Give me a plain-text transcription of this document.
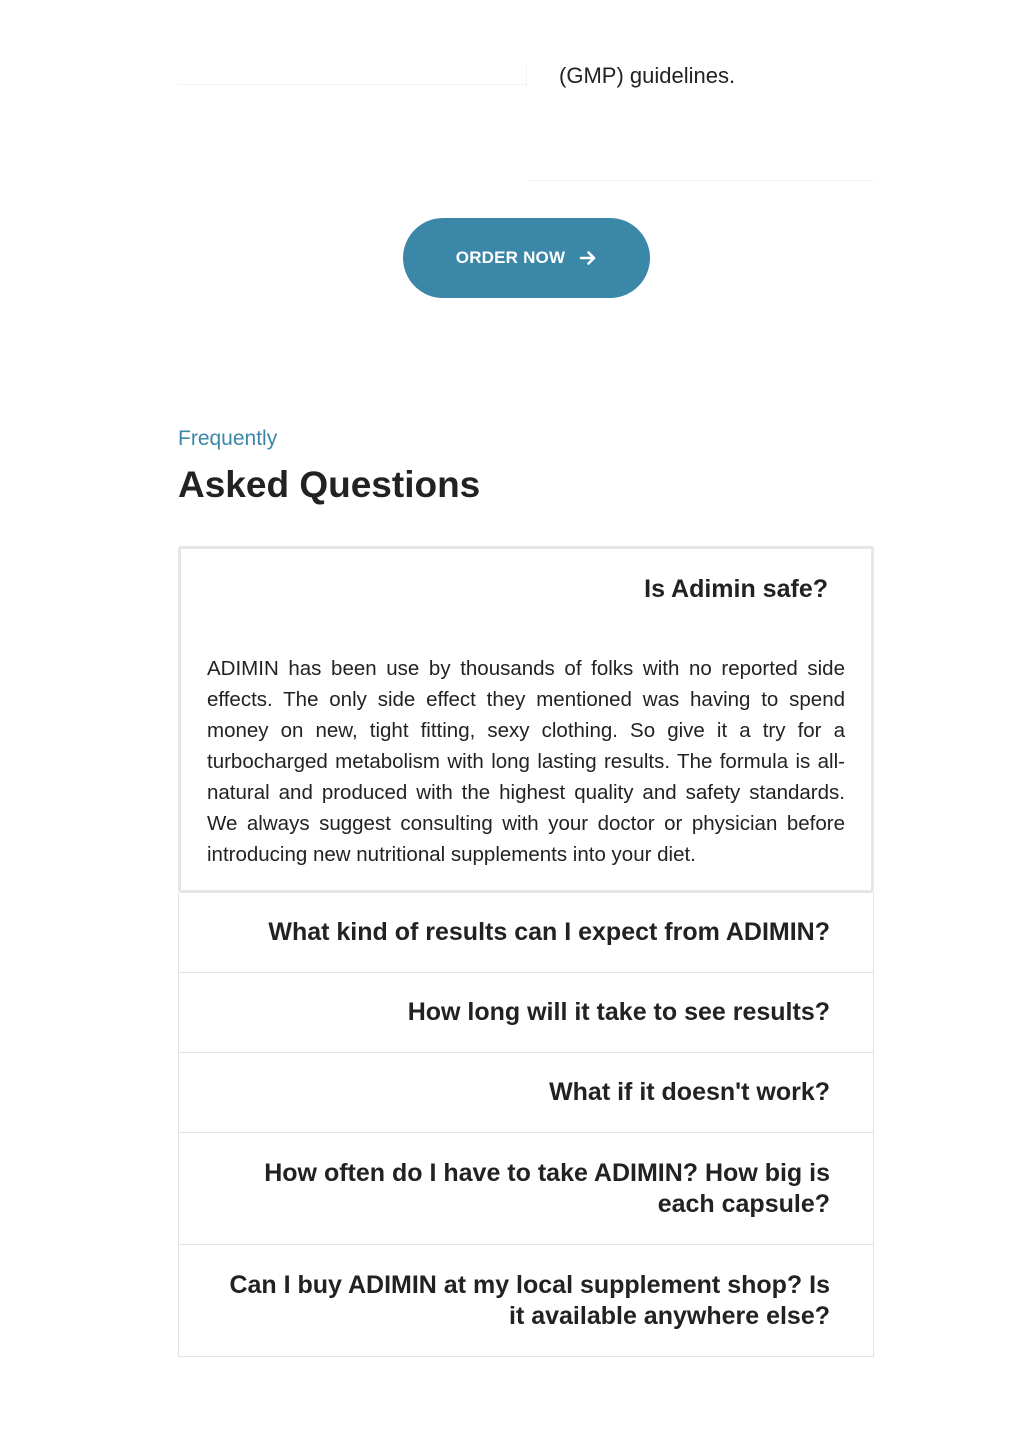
(GMP) guidelines.
ORDER NOW
Frequently
Asked Questions
Is Adimin safe?
ADIMIN has been use by thousands of folks with no reported side effects. The only side effect they mentioned was having to spend money on new, tight fitting, sexy clothing. So give it a try for a turbocharged metabolism with long lasting results. The formula is all-natural and produced with the highest quality and safety standards. We always suggest consulting with your doctor or physician before introducing new nutritional supplements into your diet.
What kind of results can I expect from ADIMIN?
How long will it take to see results?
What if it doesn't work?
How often do I have to take ADIMIN? How big is each capsule?
Can I buy ADIMIN at my local supplement shop? Is it available anywhere else?
